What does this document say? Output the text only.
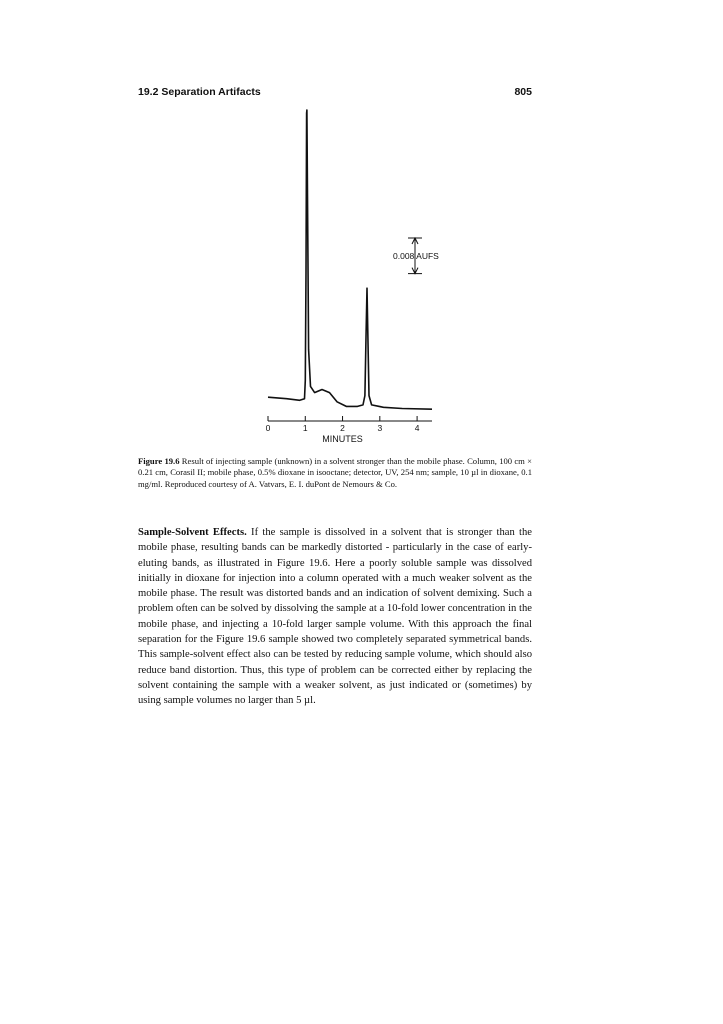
19.2 Separation Artifacts	805
0	1	2	3	4
MINUTES
0.008 AUFS
Figure 19.6 Result of injecting sample (unknown) in a solvent stronger than the mobile phase. Column, 100 cm × 0.21 cm, Corasil II; mobile phase, 0.5% dioxane in isooctane; detector, UV, 254 nm; sample, 10 µl in dioxane, 0.1 mg/ml. Reproduced courtesy of A. Vatvars, E. I. duPont de Nemours & Co.

Sample-Solvent Effects. If the sample is dissolved in a solvent that is stronger than the mobile phase, resulting bands can be markedly distorted - particularly in the case of early-eluting bands, as illustrated in Figure 19.6. Here a poorly soluble sample was dissolved initially in dioxane for injection into a column operated with a much weaker solvent as the mobile phase. The result was distorted bands and an indication of solvent demixing. Such a problem often can be solved by dissolving the sample at a 10-fold lower concentration in the mobile phase, and injecting a 10-fold larger sample volume. With this approach the final separation for the Figure 19.6 sample showed two completely separated symmetrical bands. This sample-solvent effect also can be tested by reducing sample volume, which should also reduce band distortion. Thus, this type of problem can be corrected either by replacing the solvent containing the sample with a weaker solvent, as just indicated or (sometimes) by using sample volumes no larger than 5 µl.
